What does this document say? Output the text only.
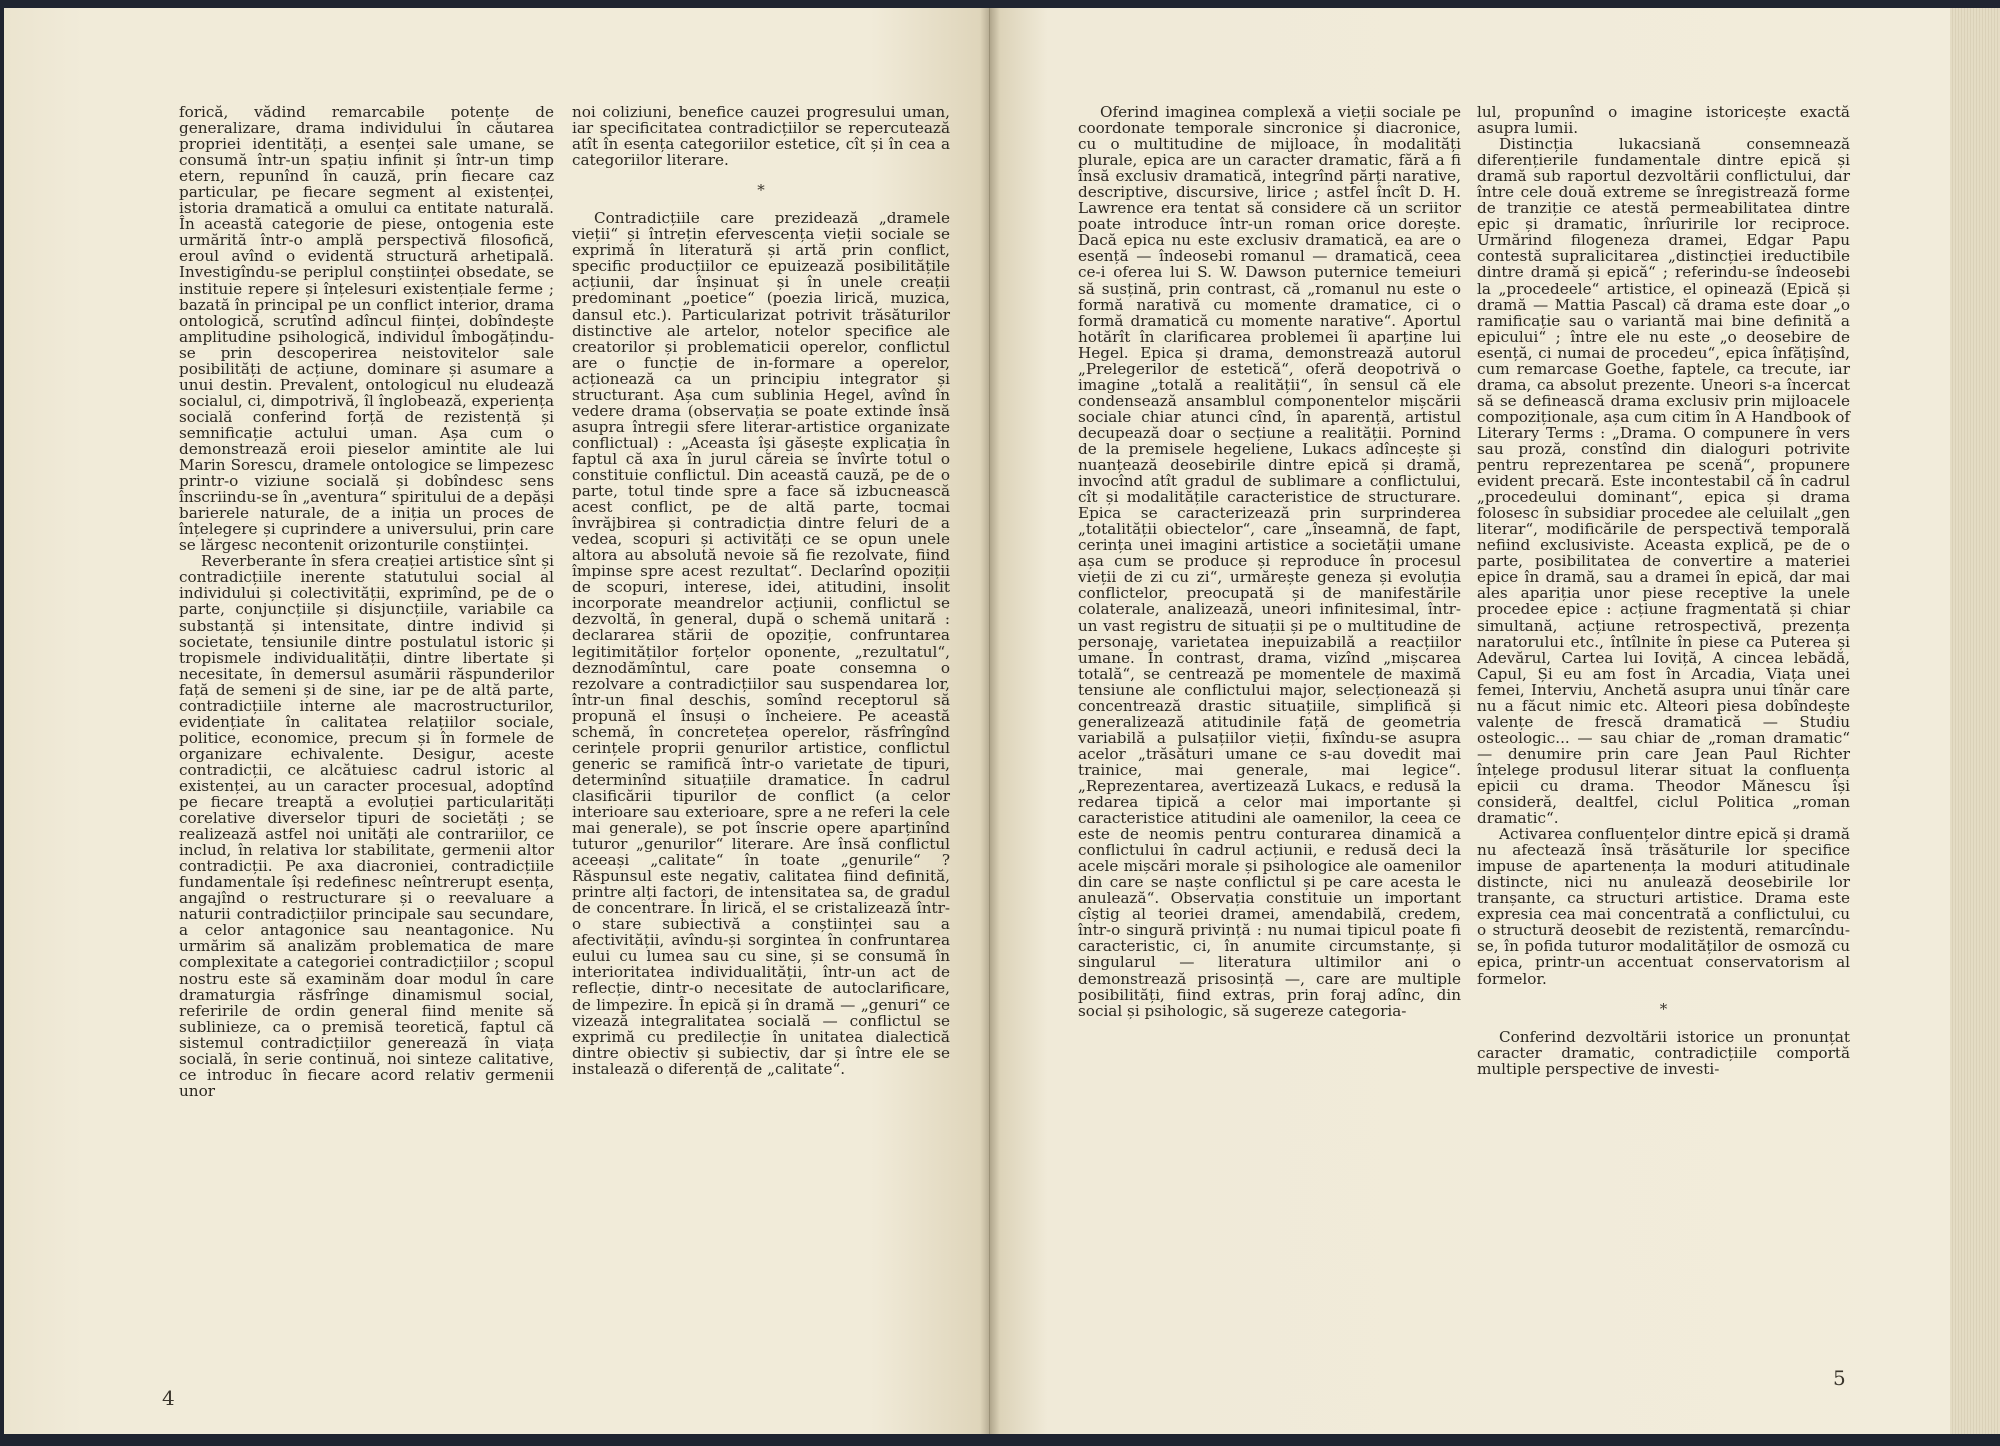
forică, vădind remarcabile potențe de generalizare, drama individului în căutarea propriei identități, a esenței sale umane, se consumă într-un spațiu infinit și într-un timp etern, repunînd în cauză, prin fiecare caz particular, pe fiecare segment al existenței, istoria dramatică a omului ca entitate naturală. În această categorie de piese, ontogenia este urmărită într-o amplă perspectivă filosofică, eroul avînd o evidentă structură arhetipală. Investigîndu-se periplul conștiinței obsedate, se instituie repere și înțelesuri existențiale ferme ; bazată în principal pe un conflict interior, drama ontologică, scrutînd adîncul ființei, dobîndește amplitudine psihologică, individul îmbogățindu-se prin descoperirea neistovitelor sale posibilități de acțiune, dominare și asumare a unui destin. Prevalent, ontologicul nu eludează socialul, ci, dimpotrivă, îl înglobează, experiența socială conferind forță de rezistență și semnificație actului uman. Așa cum o demonstrează eroii pieselor amintite ale lui Marin Sorescu, dramele ontologice se limpezesc printr-o viziune socială și dobîndesc sens înscriindu-se în „aventura“ spiritului de a depăși barierele naturale, de a iniția un proces de înțelegere și cuprindere a universului, prin care se lărgesc necontenit orizonturile conștiinței.

Reverberante în sfera creației artistice sînt și contradicțiile inerente statutului social al individului și colectivității, exprimînd, pe de o parte, conjuncțiile și disjuncțiile, variabile ca substanță și intensitate, dintre individ și societate, tensiunile dintre postulatul istoric și tropismele individualității, dintre libertate și necesitate, în demersul asumării răspunderilor față de semeni și de sine, iar pe de altă parte, contradicțiile interne ale macrostructurilor, evidențiate în calitatea relațiilor sociale, politice, economice, precum și în formele de organizare echivalente. Desigur, aceste contradicții, ce alcătuiesc cadrul istoric al existenței, au un caracter procesual, adoptînd pe fiecare treaptă a evoluției particularități corelative diverselor tipuri de societăți ; se realizează astfel noi unități ale contrariilor, ce includ, în relativa lor stabilitate, germenii altor contradicții. Pe axa diacroniei, contradicțiile fundamentale își redefinesc neîntrerupt esența, angajînd o restructurare și o reevaluare a naturii contradicțiilor principale sau secundare, a celor antagonice sau neantagonice. Nu urmărim să analizăm problematica de mare complexitate a categoriei contradicțiilor ; scopul nostru este să examinăm doar modul în care dramaturgia răsfrînge dinamismul social, referirile de ordin general fiind menite să sublinieze, ca o premisă teoretică, faptul că sistemul contradicțiilor generează în viața socială, în serie continuă, noi sinteze calitative, ce introduc în fiecare acord relativ germenii unor

noi coliziuni, benefice cauzei progresului uman, iar specificitatea contradicțiilor se repercutează atît în esența categoriilor estetice, cît și în cea a categoriilor literare.

*

Contradicțiile care prezidează „dramele vieții“ și întrețin efervescența vieții sociale se exprimă în literatură și artă prin conflict, specific producțiilor ce epuizează posibilitățile acțiunii, dar înșinuat și în unele creații predominant „poetice“ (poezia lirică, muzica, dansul etc.). Particularizat potrivit trăsăturilor distinctive ale artelor, notelor specifice ale creatorilor și problematicii operelor, conflictul are o funcție de in-formare a operelor, acționează ca un principiu integrator și structurant. Așa cum sublinia Hegel, avînd în vedere drama (observația se poate extinde însă asupra întregii sfere literar-artistice organizate conflictual) : „Aceasta își găsește explicația în faptul că axa în jurul căreia se învîrte totul o constituie conflictul. Din această cauză, pe de o parte, totul tinde spre a face să izbucnească acest conflict, pe de altă parte, tocmai învrăjbirea și contradicția dintre feluri de a vedea, scopuri și activități ce se opun unele altora au absolută nevoie să fie rezolvate, fiind împinse spre acest rezultat“. Declarînd opoziții de scopuri, interese, idei, atitudini, insolit incorporate meandrelor acțiunii, conflictul se dezvoltă, în general, după o schemă unitară : declararea stării de opoziție, confruntarea legitimităților forțelor oponente, „rezultatul“, deznodămîntul, care poate consemna o rezolvare a contradicțiilor sau suspendarea lor, într-un final deschis, somînd receptorul să propună el însuși o încheiere. Pe această schemă, în concretețea operelor, răsfrîngînd cerințele proprii genurilor artistice, conflictul generic se ramifică într-o varietate de tipuri, determinînd situațiile dramatice. În cadrul clasificării tipurilor de conflict (a celor interioare sau exterioare, spre a ne referi la cele mai generale), se pot înscrie opere aparținînd tuturor „genurilor“ literare. Are însă conflictul aceeași „calitate“ în toate „genurile“ ? Răspunsul este negativ, calitatea fiind definită, printre alți factori, de intensitatea sa, de gradul de concentrare. În lirică, el se cristalizează într-o stare subiectivă a conștiinței sau a afectivității, avîndu-și sorgintea în confruntarea eului cu lumea sau cu sine, și se consumă în interioritatea individualității, într-un act de reflecție, dintr-o necesitate de autoclarificare, de limpezire. În epică și în dramă — „genuri“ ce vizează integralitatea socială — conflictul se exprimă cu predilecție în unitatea dialectică dintre obiectiv și subiectiv, dar și între ele se instalează o diferență de „calitate“.

4

Oferind imaginea complexă a vieții sociale pe coordonate temporale sincronice și diacronice, cu o multitudine de mijloace, în modalități plurale, epica are un caracter dramatic, fără a fi însă exclusiv dramatică, integrînd părți narative, descriptive, discursive, lirice ; astfel încît D. H. Lawrence era tentat să considere că un scriitor poate introduce într-un roman orice dorește. Dacă epica nu este exclusiv dramatică, ea are o esență — îndeosebi romanul — dramatică, ceea ce-i oferea lui S. W. Dawson puternice temeiuri să susțină, prin contrast, că „romanul nu este o formă narativă cu momente dramatice, ci o formă dramatică cu momente narative“. Aportul hotărît în clarificarea problemei îi aparține lui Hegel. Epica și drama, demonstrează autorul „Prelegerilor de estetică“, oferă deopotrivă o imagine „totală a realității“, în sensul că ele condensează ansamblul componentelor mișcării sociale chiar atunci cînd, în aparență, artistul decupează doar o secțiune a realității. Pornind de la premisele hegeliene, Lukacs adîncește și nuanțează deosebirile dintre epică și dramă, invocînd atît gradul de sublimare a conflictului, cît și modalitățile caracteristice de structurare. Epica se caracterizează prin surprinderea „totalității obiectelor“, care „înseamnă, de fapt, cerința unei imagini artistice a societății umane așa cum se produce și reproduce în procesul vieții de zi cu zi“, urmărește geneza și evoluția conflictelor, preocupată și de manifestările colaterale, analizează, uneori infinitesimal, într-un vast registru de situații și pe o multitudine de personaje, varietatea inepuizabilă a reacțiilor umane. În contrast, drama, vizînd „mișcarea totală“, se centrează pe momentele de maximă tensiune ale conflictului major, selecționează și concentrează drastic situațiile, simplifică și generalizează atitudinile față de geometria variabilă a pulsațiilor vieții, fixîndu-se asupra acelor „trăsături umane ce s-au dovedit mai trainice, mai generale, mai legice“. „Reprezentarea, avertizează Lukacs, e redusă la redarea tipică a celor mai importante și caracteristice atitudini ale oamenilor, la ceea ce este de neomis pentru conturarea dinamică a conflictului în cadrul acțiunii, e redusă deci la acele mișcări morale și psihologice ale oamenilor din care se naște conflictul și pe care acesta le anulează“. Observația constituie un important cîștig al teoriei dramei, amendabilă, credem, într-o singură privință : nu numai tipicul poate fi caracteristic, ci, în anumite circumstanțe, și singularul — literatura ultimilor ani o demonstrează prisosință —, care are multiple posibilități, fiind extras, prin foraj adînc, din social și psihologic, să sugereze categoria-

lul, propunînd o imagine istoricește exactă asupra lumii.

Distincția lukacsiană consemnează diferențierile fundamentale dintre epică și dramă sub raportul dezvoltării conflictului, dar între cele două extreme se înregistrează forme de tranziție ce atestă permeabilitatea dintre epic și dramatic, înrîuririle lor reciproce. Urmărind filogeneza dramei, Edgar Papu contestă supralicitarea „distincției ireductibile dintre dramă și epică“ ; referindu-se îndeosebi la „procedeele“ artistice, el opinează (Epică și dramă — Mattia Pascal) că drama este doar „o ramificație sau o variantă mai bine definită a epicului“ ; între ele nu este „o deosebire de esență, ci numai de procedeu“, epica înfățișînd, cum remarcase Goethe, faptele, ca trecute, iar drama, ca absolut prezente. Uneori s-a încercat să se definească drama exclusiv prin mijloacele compoziționale, așa cum citim în A Handbook of Literary Terms : „Drama. O compunere în vers sau proză, constînd din dialoguri potrivite pentru reprezentarea pe scenă“, propunere evident precară. Este incontestabil că în cadrul „procedeului dominant“, epica și drama folosesc în subsidiar procedee ale celuilalt „gen literar“, modificările de perspectivă temporală nefiind exclusiviste. Aceasta explică, pe de o parte, posibilitatea de convertire a materiei epice în dramă, sau a dramei în epică, dar mai ales apariția unor piese receptive la unele procedee epice : acțiune fragmentată și chiar simultană, acțiune retrospectivă, prezența naratorului etc., întîlnite în piese ca Puterea și Adevărul, Cartea lui Ioviță, A cincea lebădă, Capul, Și eu am fost în Arcadia, Viața unei femei, Interviu, Anchetă asupra unui tînăr care nu a făcut nimic etc. Alteori piesa dobîndește valențe de frescă dramatică — Studiu osteologic... — sau chiar de „roman dramatic“ — denumire prin care Jean Paul Richter înțelege produsul literar situat la confluența epicii cu drama. Theodor Mănescu își consideră, dealtfel, ciclul Politica „roman dramatic“.

Activarea confluențelor dintre epică și dramă nu afectează însă trăsăturile lor specifice impuse de apartenența la moduri atitudinale distincte, nici nu anulează deosebirile lor tranșante, ca structuri artistice. Drama este expresia cea mai concentrată a conflictului, cu o structură deosebit de rezistentă, remarcîndu-se, în pofida tuturor modalităților de osmoză cu epica, printr-un accentuat conservatorism al formelor.

*

Conferind dezvoltării istorice un pronunțat caracter dramatic, contradicțiile comportă multiple perspective de investi-

5
